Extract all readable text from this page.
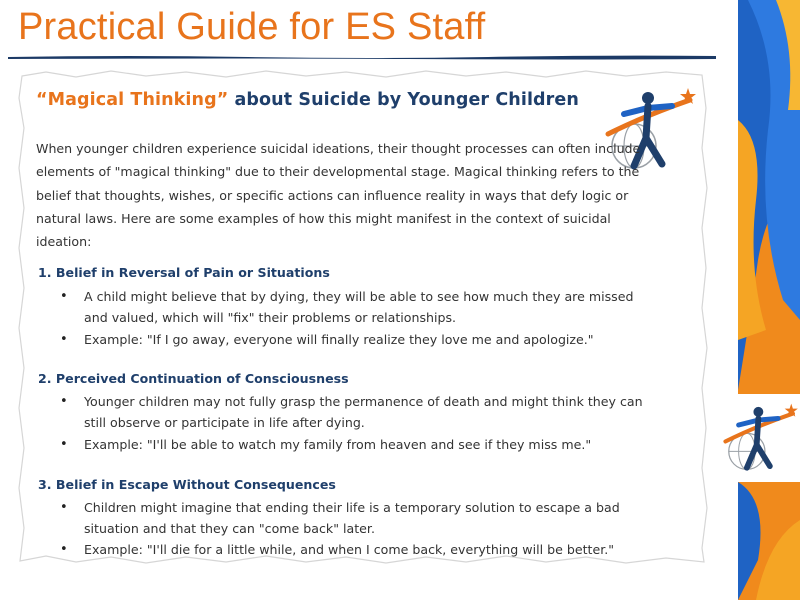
Practical Guide for ES Staff
“Magical Thinking” about Suicide by Younger Children
When younger children experience suicidal ideations, their thought processes can often include elements of "magical thinking" due to their developmental stage. Magical thinking refers to the belief that thoughts, wishes, or specific actions can influence reality in ways that defy logic or natural laws. Here are some examples of how this might manifest in the context of suicidal ideation:
1. Belief in Reversal of Pain or Situations
• A child might believe that by dying, they will be able to see how much they are missed and valued, which will "fix" their problems or relationships.
• Example: "If I go away, everyone will finally realize they love me and apologize."
2. Perceived Continuation of Consciousness
• Younger children may not fully grasp the permanence of death and might think they can still observe or participate in life after dying.
• Example: "I'll be able to watch my family from heaven and see if they miss me."
3. Belief in Escape Without Consequences
• Children might imagine that ending their life is a temporary solution to escape a bad situation and that they can "come back" later.
• Example: "I'll die for a little while, and when I come back, everything will be better."
